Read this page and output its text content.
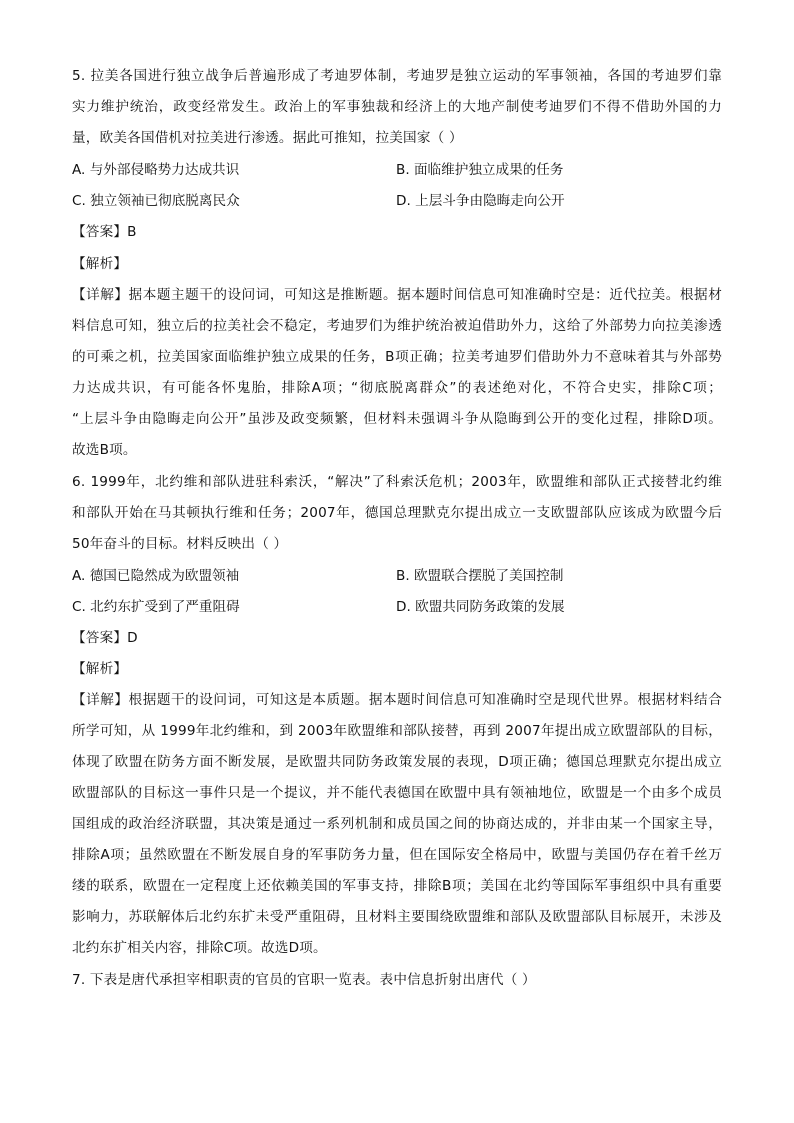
5. 拉美各国进行独立战争后普遍形成了考迪罗体制，考迪罗是独立运动的军事领袖，各国的考迪罗们靠
实力维护统治，政变经常发生。政治上的军事独裁和经济上的大地产制使考迪罗们不得不借助外国的力
量，欧美各国借机对拉美进行渗透。据此可推知，拉美国家（ ）
A. 与外部侵略势力达成共识	B. 面临维护独立成果的任务
C. 独立领袖已彻底脱离民众	D. 上层斗争由隐晦走向公开
【答案】B
【解析】
【详解】据本题主题干的设问词，可知这是推断题。据本题时间信息可知准确时空是：近代拉美。根据材
料信息可知，独立后的拉美社会不稳定，考迪罗们为维护统治被迫借助外力，这给了外部势力向拉美渗透
的可乘之机，拉美国家面临维护独立成果的任务，B项正确；拉美考迪罗们借助外力不意味着其与外部势
力达成共识，有可能各怀鬼胎，排除A项；“彻底脱离群众”的表述绝对化，不符合史实，排除C项；
“上层斗争由隐晦走向公开”虽涉及政变频繁，但材料未强调斗争从隐晦到公开的变化过程，排除D项。
故选B项。
6. 1999年，北约维和部队进驻科索沃，“解决”了科索沃危机；2003年，欧盟维和部队正式接替北约维
和部队开始在马其顿执行维和任务；2007年，德国总理默克尔提出成立一支欧盟部队应该成为欧盟今后
50年奋斗的目标。材料反映出（ ）
A. 德国已隐然成为欧盟领袖	B. 欧盟联合摆脱了美国控制
C. 北约东扩受到了严重阻碍	D. 欧盟共同防务政策的发展
【答案】D
【解析】
【详解】根据题干的设问词，可知这是本质题。据本题时间信息可知准确时空是现代世界。根据材料结合
所学可知，从 1999年北约维和，到 2003年欧盟维和部队接替，再到 2007年提出成立欧盟部队的目标，
体现了欧盟在防务方面不断发展，是欧盟共同防务政策发展的表现，D项正确；德国总理默克尔提出成立
欧盟部队的目标这一事件只是一个提议，并不能代表德国在欧盟中具有领袖地位，欧盟是一个由多个成员
国组成的政治经济联盟，其决策是通过一系列机制和成员国之间的协商达成的，并非由某一个国家主导，
排除A项；虽然欧盟在不断发展自身的军事防务力量，但在国际安全格局中，欧盟与美国仍存在着千丝万
缕的联系，欧盟在一定程度上还依赖美国的军事支持，排除B项；美国在北约等国际军事组织中具有重要
影响力，苏联解体后北约东扩未受严重阻碍，且材料主要围绕欧盟维和部队及欧盟部队目标展开，未涉及
北约东扩相关内容，排除C项。故选D项。
7. 下表是唐代承担宰相职责的官员的官职一览表。表中信息折射出唐代（ ）
